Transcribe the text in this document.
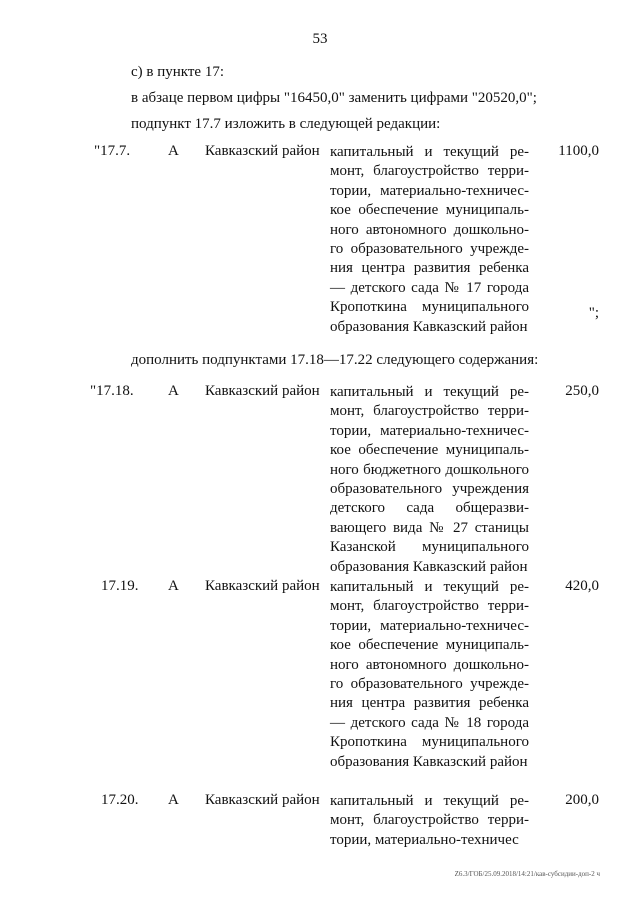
53
с) в пункте 17:
в абзаце первом цифры "16450,0" заменить цифрами "20520,0";
подпункт 17.7 изложить в следующей редакции:
"17.7.	А Кавказский район капитальный и текущий ремонт, благоустройство территории, материально-техническое обеспечение муниципального автономного дошкольного образовательного учреждения центра развития ребенка — детского сада № 17 города Кропоткина муниципального образования Кавказский район
1100,0
";
дополнить подпунктами 17.18—17.22 следующего содержания:
"17.18. А Кавказский район капитальный и текущий ремонт, благоустройство территории, материально-техническое обеспечение муниципального бюджетного дошкольного образовательного учреждения детского сада общеразвивающего вида № 27 станицы Казанской муниципального образования Кавказский район
250,0
17.19. А Кавказский район капитальный и текущий ремонт, благоустройство территории, материально-техническое обеспечение муниципального автономного дошкольного образовательного учреждения центра развития ребенка — детского сада № 18 города Кропоткина муниципального образования Кавказский район
420,0
17.20. А Кавказский район капитальный и текущий ремонт, благоустройство территории, материально-техничес
200,0
Z6.3/ГОБ/25.09.2018/14:21/кав-субсидии-доп-2 ч
